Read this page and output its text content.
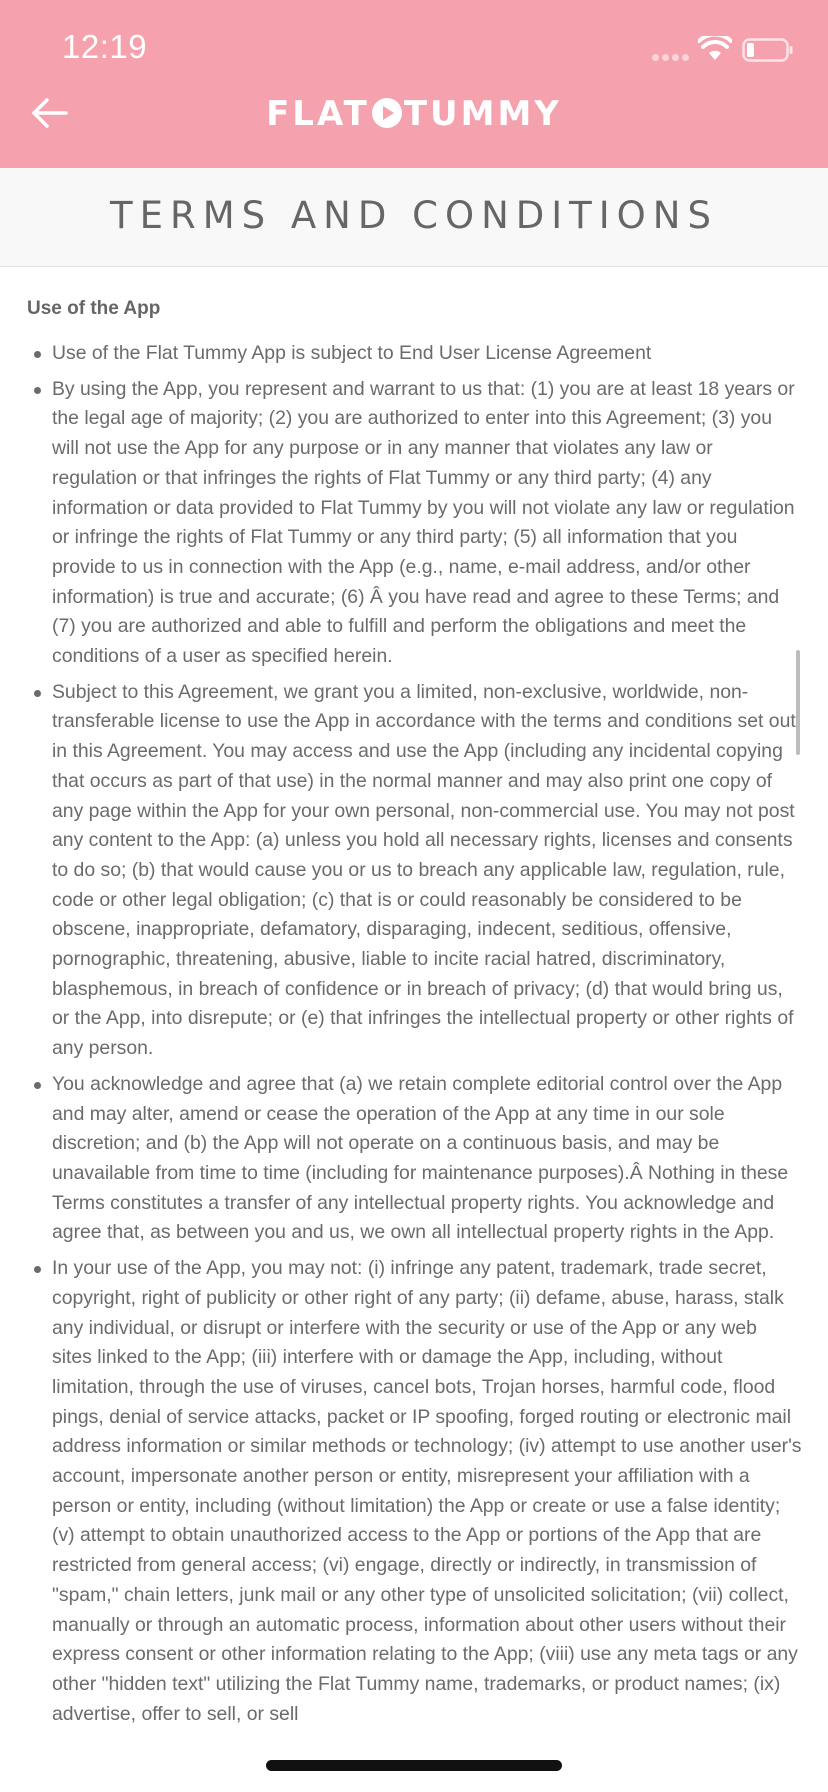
12:19
FLAT TUMMY
TERMS AND CONDITIONS
Use of the App
Use of the Flat Tummy App is subject to End User License Agreement
By using the App, you represent and warrant to us that: (1) you are at least 18 years or the legal age of majority; (2) you are authorized to enter into this Agreement; (3) you will not use the App for any purpose or in any manner that violates any law or regulation or that infringes the rights of Flat Tummy or any third party; (4) any information or data provided to Flat Tummy by you will not violate any law or regulation or infringe the rights of Flat Tummy or any third party; (5) all information that you provide to us in connection with the App (e.g., name, e-mail address, and/or other information) is true and accurate; (6) Â you have read and agree to these Terms; and (7) you are authorized and able to fulfill and perform the obligations and meet the conditions of a user as specified herein.
Subject to this Agreement, we grant you a limited, non-exclusive, worldwide, non-transferable license to use the App in accordance with the terms and conditions set out in this Agreement. You may access and use the App (including any incidental copying that occurs as part of that use) in the normal manner and may also print one copy of any page within the App for your own personal, non-commercial use. You may not post any content to the App: (a) unless you hold all necessary rights, licenses and consents to do so; (b) that would cause you or us to breach any applicable law, regulation, rule, code or other legal obligation; (c) that is or could reasonably be considered to be obscene, inappropriate, defamatory, disparaging, indecent, seditious, offensive, pornographic, threatening, abusive, liable to incite racial hatred, discriminatory, blasphemous, in breach of confidence or in breach of privacy; (d) that would bring us, or the App, into disrepute; or (e) that infringes the intellectual property or other rights of any person.
You acknowledge and agree that (a) we retain complete editorial control over the App and may alter, amend or cease the operation of the App at any time in our sole discretion; and (b) the App will not operate on a continuous basis, and may be unavailable from time to time (including for maintenance purposes).Â Nothing in these Terms constitutes a transfer of any intellectual property rights. You acknowledge and agree that, as between you and us, we own all intellectual property rights in the App.
In your use of the App, you may not: (i) infringe any patent, trademark, trade secret, copyright, right of publicity or other right of any party; (ii) defame, abuse, harass, stalk any individual, or disrupt or interfere with the security or use of the App or any web sites linked to the App; (iii) interfere with or damage the App, including, without limitation, through the use of viruses, cancel bots, Trojan horses, harmful code, flood pings, denial of service attacks, packet or IP spoofing, forged routing or electronic mail address information or similar methods or technology; (iv) attempt to use another user's account, impersonate another person or entity, misrepresent your affiliation with a person or entity, including (without limitation) the App or create or use a false identity; (v) attempt to obtain unauthorized access to the App or portions of the App that are restricted from general access; (vi) engage, directly or indirectly, in transmission of "spam," chain letters, junk mail or any other type of unsolicited solicitation; (vii) collect, manually or through an automatic process, information about other users without their express consent or other information relating to the App; (viii) use any meta tags or any other "hidden text" utilizing the Flat Tummy name, trademarks, or product names; (ix) advertise, offer to sell, or sell
